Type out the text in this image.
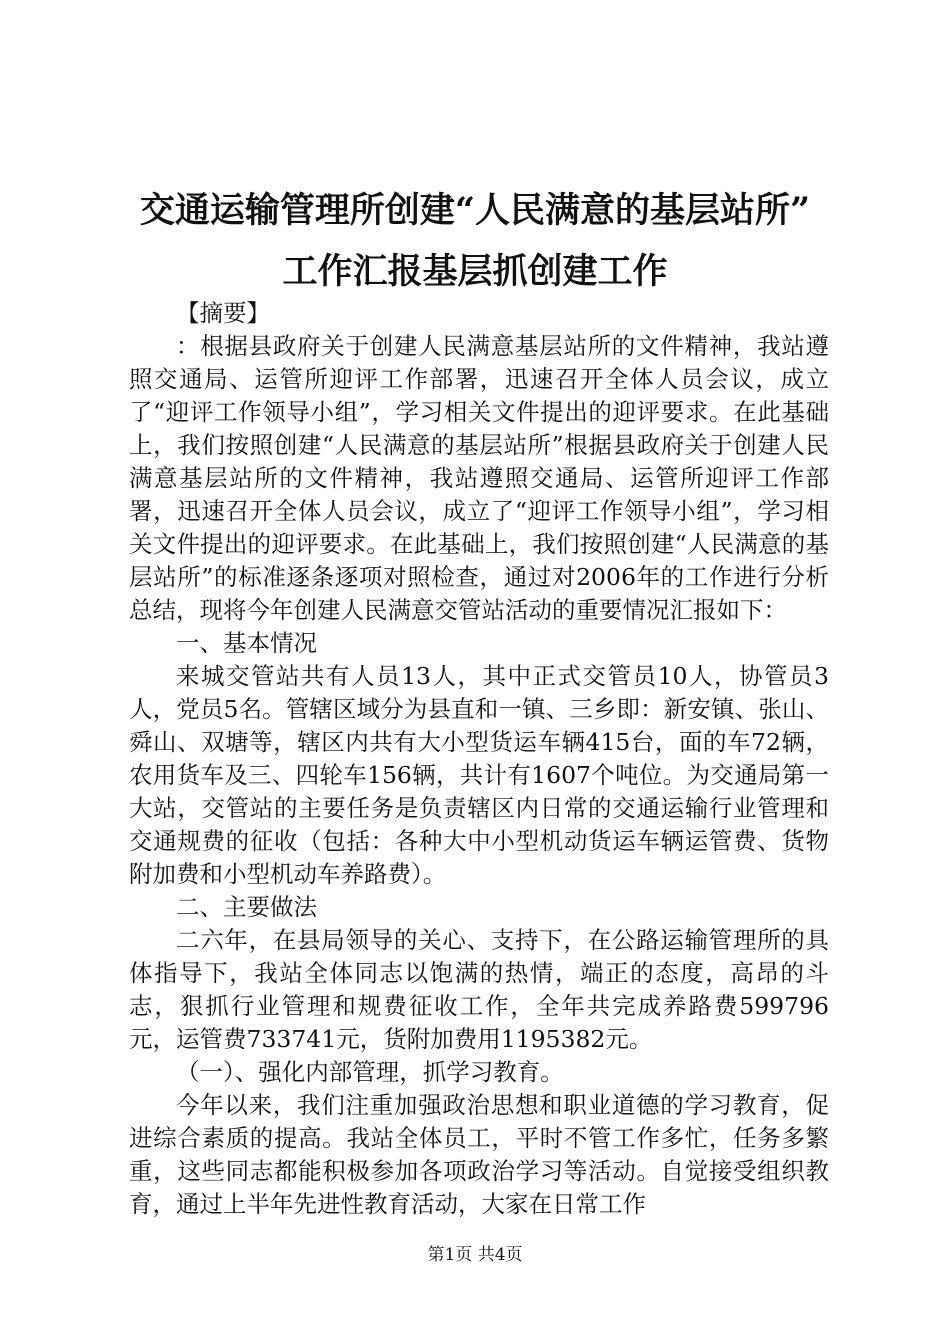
交通运输管理所创建“人民满意的基层站所”
工作汇报基层抓创建工作

【摘要】

：根据县政府关于创建人民满意基层站所的文件精神，我站遵照交通局、运管所迎评工作部署，迅速召开全体人员会议，成立了“迎评工作领导小组”，学习相关文件提出的迎评要求。在此基础上，我们按照创建“人民满意的基层站所”根据县政府关于创建人民满意基层站所的文件精神，我站遵照交通局、运管所迎评工作部署，迅速召开全体人员会议，成立了“迎评工作领导小组”，学习相关文件提出的迎评要求。在此基础上，我们按照创建“人民满意的基层站所”的标准逐条逐项对照检查，通过对2006年的工作进行分析总结，现将今年创建人民满意交管站活动的重要情况汇报如下：

一、基本情况

来城交管站共有人员13人，其中正式交管员10人，协管员3人，党员5名。管辖区域分为县直和一镇、三乡即：新安镇、张山、舜山、双塘等，辖区内共有大小型货运车辆415台，面的车72辆，农用货车及三、四轮车156辆，共计有1607个吨位。为交通局第一大站，交管站的主要任务是负责辖区内日常的交通运输行业管理和交通规费的征收（包括：各种大中小型机动货运车辆运管费、货物附加费和小型机动车养路费）。

二、主要做法

二六年，在县局领导的关心、支持下，在公路运输管理所的具体指导下，我站全体同志以饱满的热情，端正的态度，高昂的斗志，狠抓行业管理和规费征收工作，全年共完成养路费599796元，运管费733741元，货附加费用1195382元。

（一）、强化内部管理，抓学习教育。

今年以来，我们注重加强政治思想和职业道德的学习教育，促进综合素质的提高。我站全体员工，平时不管工作多忙，任务多繁重，这些同志都能积极参加各项政治学习等活动。自觉接受组织教育，通过上半年先进性教育活动，大家在日常工作

第1页 共4页
